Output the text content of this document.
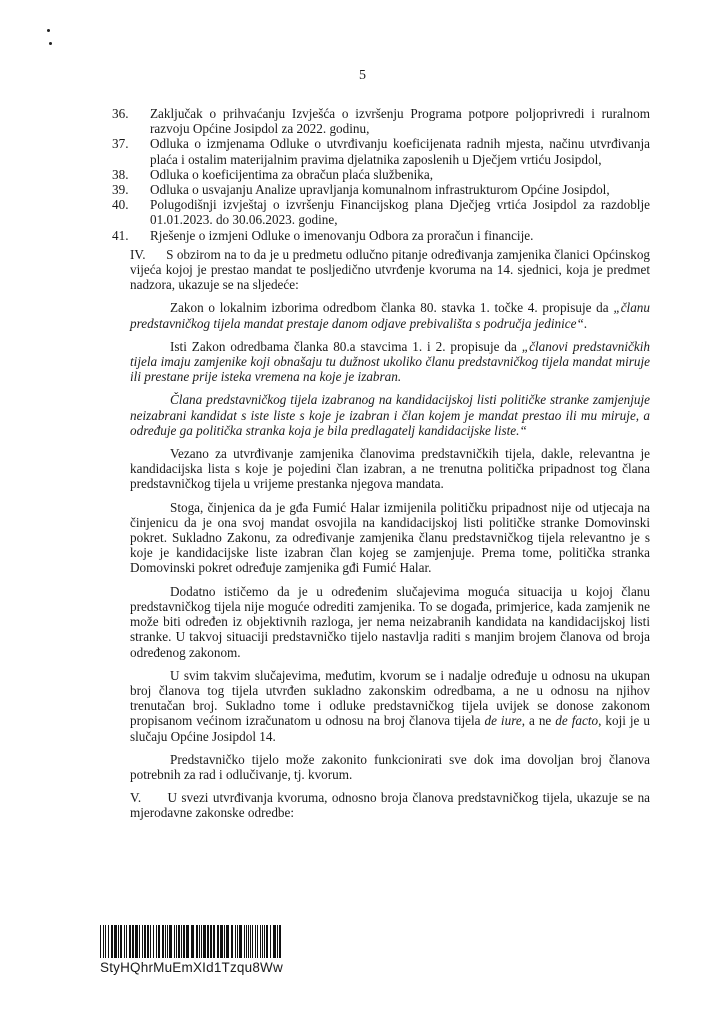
5
36.	Zaključak o prihvaćanju Izvješća o izvršenju Programa potpore poljoprivredi i ruralnom razvoju Općine Josipdol za 2022. godinu,
37.	Odluka o izmjenama Odluke o utvrđivanju koeficijenata radnih mjesta, načinu utvrđivanja plaća i ostalim materijalnim pravima djelatnika zaposlenih u Dječjem vrtiću Josipdol,
38.	Odluka o koeficijentima za obračun plaća službenika,
39.	Odluka o usvajanju Analize upravljanja komunalnom infrastrukturom Općine Josipdol,
40.	Polugodišnji izvještaj o izvršenju Financijskog plana Dječjeg vrtića Josipdol za razdoblje 01.01.2023. do 30.06.2023. godine,
41.	Rješenje o izmjeni Odluke o imenovanju Odbora za proračun i financije.

IV. S obzirom na to da je u predmetu odlučno pitanje određivanja zamjenika članici Općinskog vijeća kojoj je prestao mandat te posljedično utvrđenje kvoruma na 14. sjednici, koja je predmet nadzora, ukazuje se na sljedeće:

Zakon o lokalnim izborima odredbom članka 80. stavka 1. točke 4. propisuje da „članu predstavničkog tijela mandat prestaje danom odjave prebivališta s područja jedinice“.

Isti Zakon odredbama članka 80.a stavcima 1. i 2. propisuje da „članovi predstavničkih tijela imaju zamjenike koji obnašaju tu dužnost ukoliko članu predstavničkog tijela mandat miruje ili prestane prije isteka vremena na koje je izabran.

Člana predstavničkog tijela izabranog na kandidacijskoj listi političke stranke zamjenjuje neizabrani kandidat s iste liste s koje je izabran i član kojem je mandat prestao ili mu miruje, a određuje ga politička stranka koja je bila predlagatelj kandidacijske liste.“

Vezano za utvrđivanje zamjenika članovima predstavničkih tijela, dakle, relevantna je kandidacijska lista s koje je pojedini član izabran, a ne trenutna politička pripadnost tog člana predstavničkog tijela u vrijeme prestanka njegova mandata.

Stoga, činjenica da je gđa Fumić Halar izmijenila političku pripadnost nije od utjecaja na činjenicu da je ona svoj mandat osvojila na kandidacijskoj listi političke stranke Domovinski pokret. Sukladno Zakonu, za određivanje zamjenika članu predstavničkog tijela relevantno je s koje je kandidacijske liste izabran član kojeg se zamjenjuje. Prema tome, politička stranka Domovinski pokret određuje zamjenika gđi Fumić Halar.

Dodatno ističemo da je u određenim slučajevima moguća situacija u kojoj članu predstavničkog tijela nije moguće odrediti zamjenika. To se događa, primjerice, kada zamjenik ne može biti određen iz objektivnih razloga, jer nema neizabranih kandidata na kandidacijskoj listi stranke. U takvoj situaciji predstavničko tijelo nastavlja raditi s manjim brojem članova od broja određenog zakonom.

U svim takvim slučajevima, međutim, kvorum se i nadalje određuje u odnosu na ukupan broj članova tog tijela utvrđen sukladno zakonskim odredbama, a ne u odnosu na njihov trenutačan broj. Sukladno tome i odluke predstavničkog tijela uvijek se donose zakonom propisanom većinom izračunatom u odnosu na broj članova tijela de iure, a ne de facto, koji je u slučaju Općine Josipdol 14.

Predstavničko tijelo može zakonito funkcionirati sve dok ima dovoljan broj članova potrebnih za rad i odlučivanje, tj. kvorum.

V. U svezi utvrđivanja kvoruma, odnosno broja članova predstavničkog tijela, ukazuje se na mjerodavne zakonske odredbe:

StyHQhrMuEmXId1Tzqu8Ww
